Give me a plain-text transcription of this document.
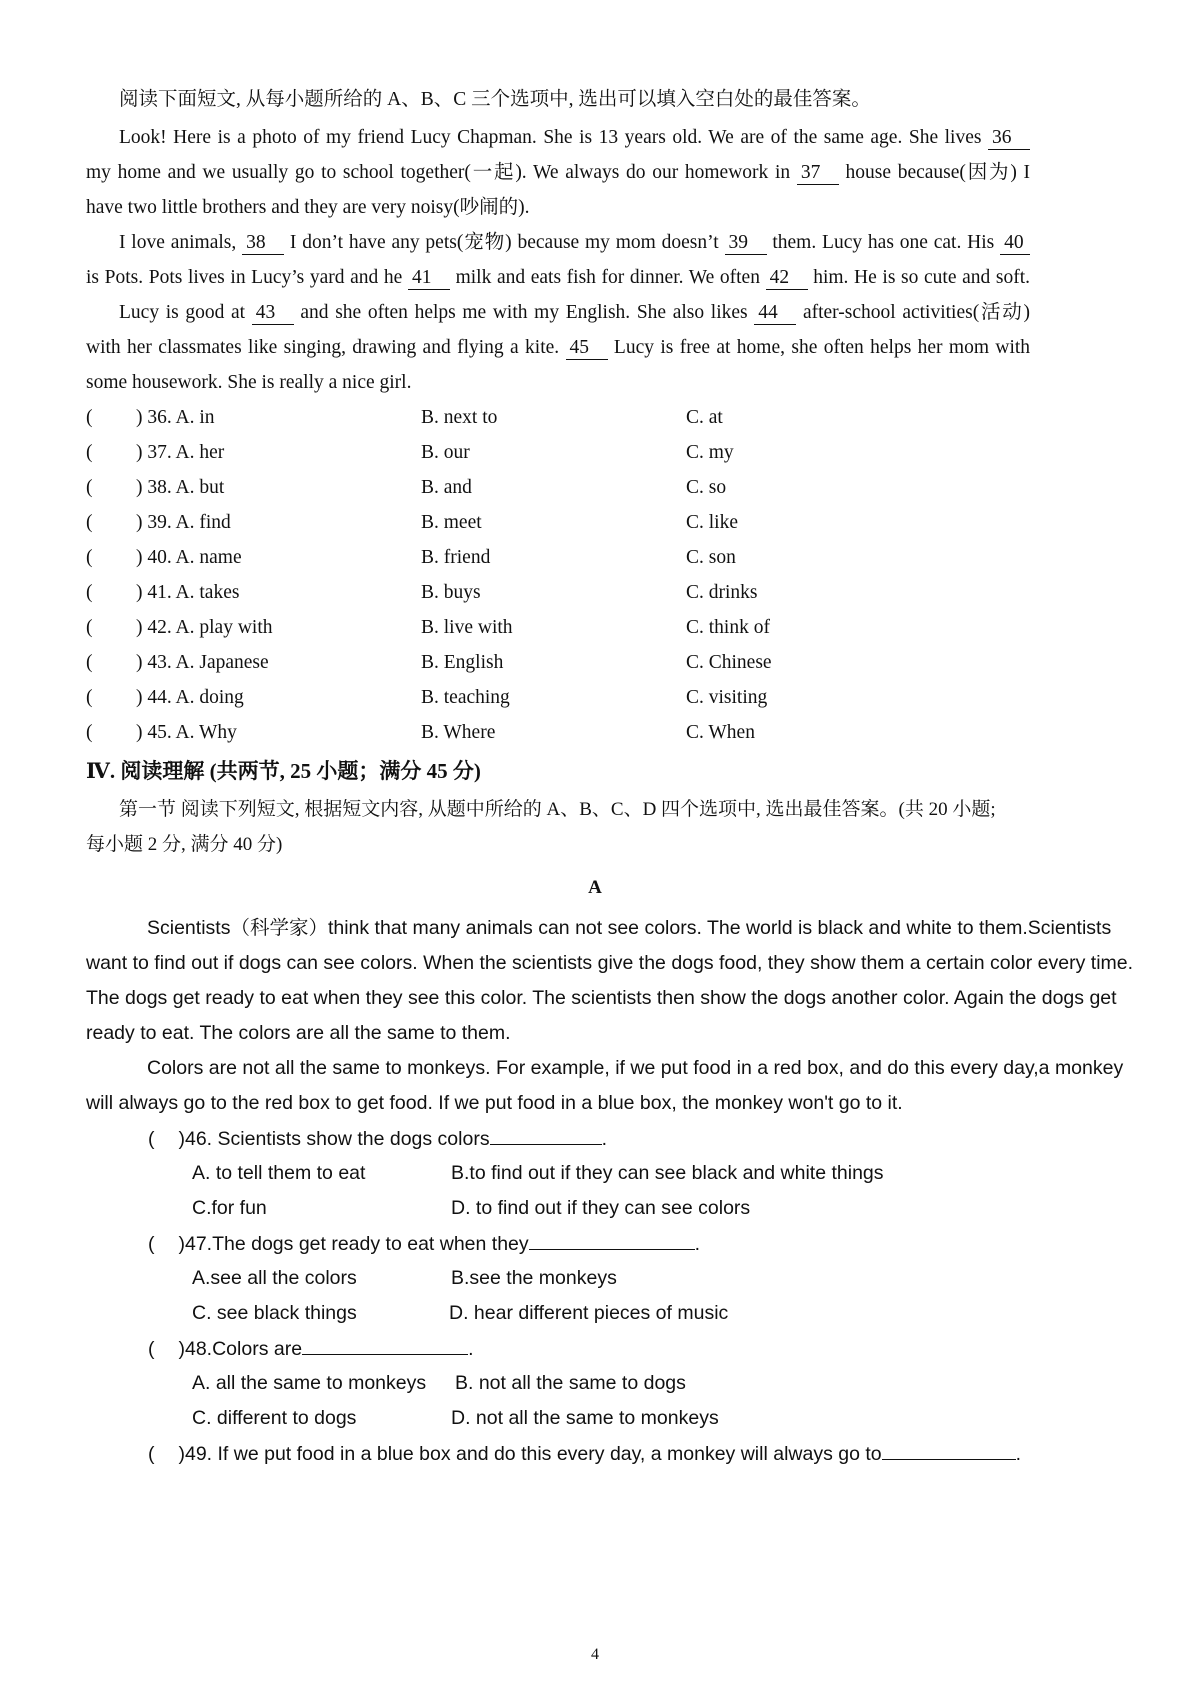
阅读下面短文, 从每小题所给的 A、B、C 三个选项中, 选出可以填入空白处的最佳答案。
Look! Here is a photo of my friend Lucy Chapman. She is 13 years old. We are of the same age. She lives 36
my home and we usually go to school together(一起). We always do our homework in 37 house because(因为) I
have two little brothers and they are very noisy(吵闹的).
I love animals, 38 I don’t have any pets(宠物) because my mom doesn’t 39 them. Lucy has one cat. His 40
is Pots. Pots lives in Lucy’s yard and he 41 milk and eats fish for dinner. We often 42 him. He is so cute and soft.
Lucy is good at 43 and she often helps me with my English. She also likes 44 after-school activities(活动)
with her classmates like singing, drawing and flying a kite. 45 Lucy is free at home, she often helps her mom with
some housework. She is really a nice girl.
( ) 36. A. in	B. next to	C. at
( ) 37. A. her	B. our	C. my
( ) 38. A. but	B. and	C. so
( ) 39. A. find	B. meet	C. like
( ) 40. A. name	B. friend	C. son
( ) 41. A. takes	B. buys	C. drinks
( ) 42. A. play with	B. live with	C. think of
( ) 43. A. Japanese	B. English	C. Chinese
( ) 44. A. doing	B. teaching	C. visiting
( ) 45. A. Why	B. Where	C. When
Ⅳ. 阅读理解 (共两节, 25 小题；满分 45 分)
第一节 阅读下列短文, 根据短文内容, 从题中所给的 A、B、C、D 四个选项中, 选出最佳答案。(共 20 小题;
每小题 2 分, 满分 40 分)
A
Scientists（科学家）think that many animals can not see colors. The world is black and white to them.Scientists
want to find out if dogs can see colors. When the scientists give the dogs food, they show them a certain color every time.
The dogs get ready to eat when they see this color. The scientists then show the dogs another color. Again the dogs get
ready to eat. The colors are all the same to them.
Colors are not all the same to monkeys. For example, if we put food in a red box, and do this every day,a monkey
will always go to the red box to get food. If we put food in a blue box, the monkey won't go to it.
( )46. Scientists show the dogs colors	.
A. to tell them to eat	B.to find out if they can see black and white things
C.for fun	D. to find out if they can see colors
( )47.The dogs get ready to eat when they	.
A.see all the colors	B.see the monkeys
C. see black things	D. hear different pieces of music
( )48.Colors are	.
A. all the same to monkeys B. not all the same to dogs
C. different to dogs	D. not all the same to monkeys
( )49. If we put food in a blue box and do this every day, a monkey will always go to	.
4
